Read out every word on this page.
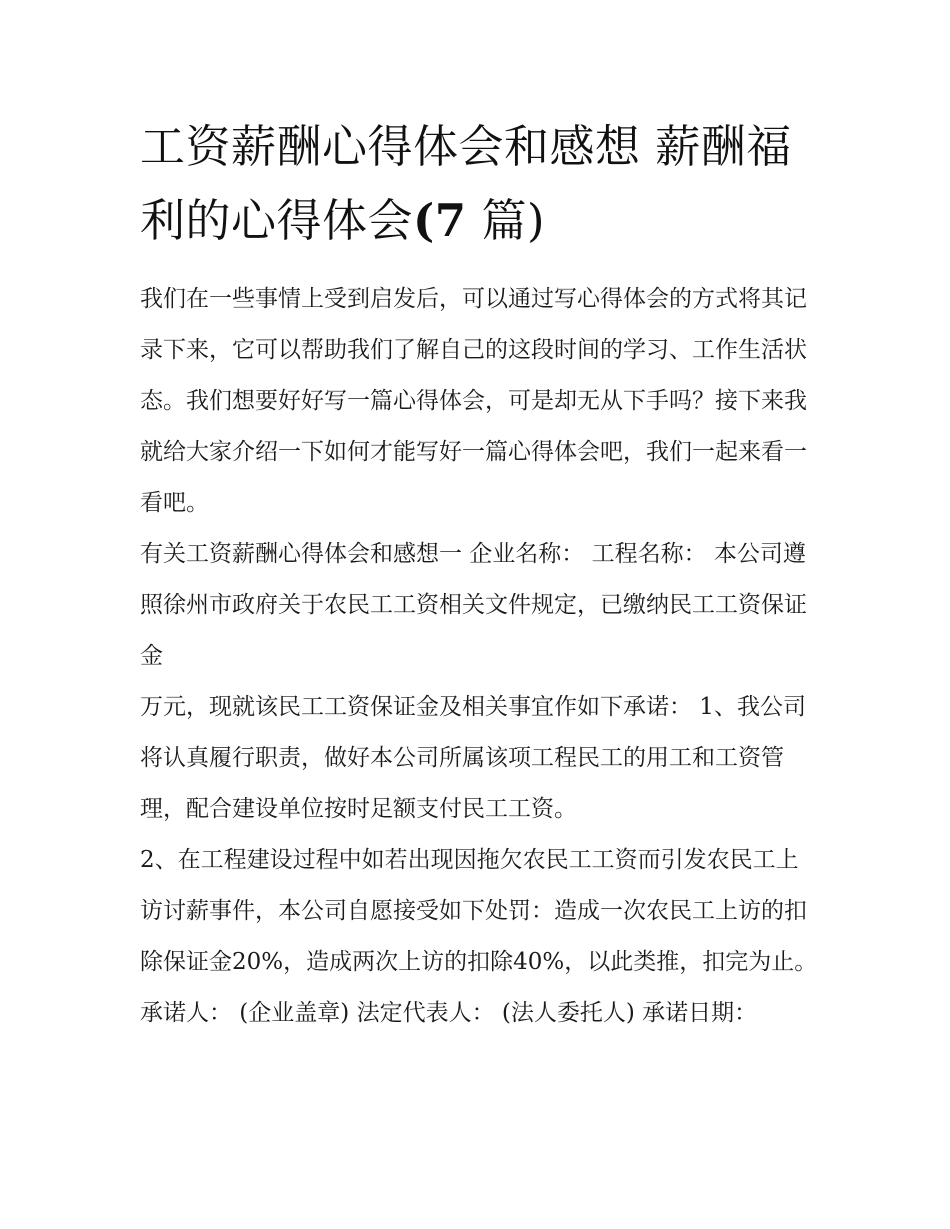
工资薪酬心得体会和感想 薪酬福利的心得体会(7 篇)

我们在一些事情上受到启发后，可以通过写心得体会的方式将其记录下来，它可以帮助我们了解自己的这段时间的学习、工作生活状态。我们想要好好写一篇心得体会，可是却无从下手吗？接下来我就给大家介绍一下如何才能写好一篇心得体会吧，我们一起来看一看吧。

有关工资薪酬心得体会和感想一 企业名称： 工程名称： 本公司遵照徐州市政府关于农民工工资相关文件规定，已缴纳民工工资保证金

万元，现就该民工工资保证金及相关事宜作如下承诺： 1、我公司将认真履行职责，做好本公司所属该项工程民工的用工和工资管理，配合建设单位按时足额支付民工工资。

2、在工程建设过程中如若出现因拖欠农民工工资而引发农民工上访讨薪事件，本公司自愿接受如下处罚：造成一次农民工上访的扣除保证金20%，造成两次上访的扣除40%，以此类推，扣完为止。

承诺人： (企业盖章) 法定代表人： (法人委托人) 承诺日期：
